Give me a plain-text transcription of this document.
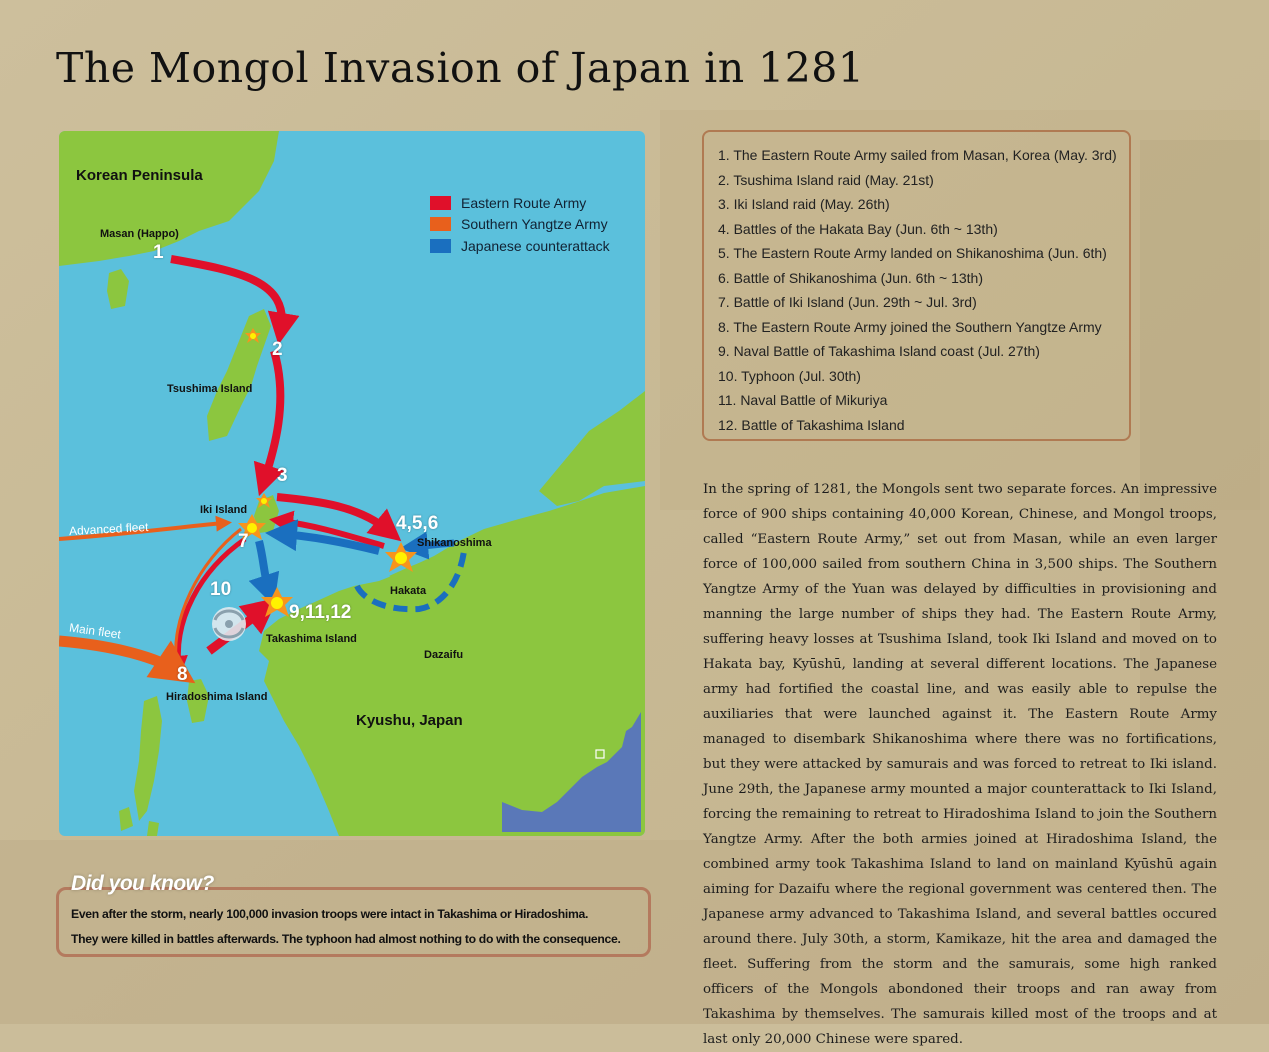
The Mongol Invasion of Japan in 1281
Eastern Route Army
Southern Yangtze Army
Japanese counterattack
Korean Peninsula
Masan (Happo)
Tsushima Island
Iki Island
Shikanoshima
Hakata
Takashima Island
Dazaifu
Hiradoshima Island
Kyushu, Japan
Advanced fleet
Main fleet
1
2
3
4,5,6
7
8
10
9,11,12
1. The Eastern Route Army sailed from Masan, Korea (May. 3rd)
2. Tsushima Island raid (May. 21st)
3. Iki Island raid (May. 26th)
4. Battles of the Hakata Bay (Jun. 6th ~ 13th)
5. The Eastern Route Army landed on Shikanoshima (Jun. 6th)
6. Battle of Shikanoshima (Jun. 6th ~ 13th)
7. Battle of Iki Island (Jun. 29th ~ Jul. 3rd)
8. The Eastern Route Army joined the Southern Yangtze Army
9. Naval Battle of Takashima Island coast (Jul. 27th)
10. Typhoon (Jul. 30th)
11. Naval Battle of Mikuriya
12. Battle of Takashima Island
In the spring of 1281, the Mongols sent two separate forces. An impressive force of 900 ships containing 40,000 Korean, Chinese, and Mongol troops, called “Eastern Route Army,” set out from Masan, while an even larger force of 100,000 sailed from southern China in 3,500 ships. The Southern Yangtze Army of the Yuan was delayed by difficulties in provisioning and manning the large number of ships they had. The Eastern Route Army, suffering heavy losses at Tsushima Island, took Iki Island and moved on to Hakata bay, Kyūshū, landing at several different locations. The Japanese army had fortified the coastal line, and was easily able to repulse the auxiliaries that were launched against it. The Eastern Route Army managed to disembark Shikanoshima where there was no fortifications, but they were attacked by samurais and was forced to retreat to Iki island. June 29th, the Japanese army mounted a major counterattack to Iki Island, forcing the remaining to retreat to Hiradoshima Island to join the Southern Yangtze Army. After the both armies joined at Hiradoshima Island, the combined army took Takashima Island to land on mainland Kyūshū again aiming for Dazaifu where the regional government was centered then. The Japanese army advanced to Takashima Island, and several battles occured around there. July 30th, a storm, Kamikaze, hit the area and damaged the fleet. Suffering from the storm and the samurais, some high ranked officers of the Mongols abondoned their troops and ran away from Takashima by themselves. The samurais killed most of the troops and at last only 20,000 Chinese were spared.
Did you know?
Even after the storm, nearly 100,000 invasion troops were intact in Takashima or Hiradoshima.
They were killed in battles afterwards. The typhoon had almost nothing to do with the consequence.
